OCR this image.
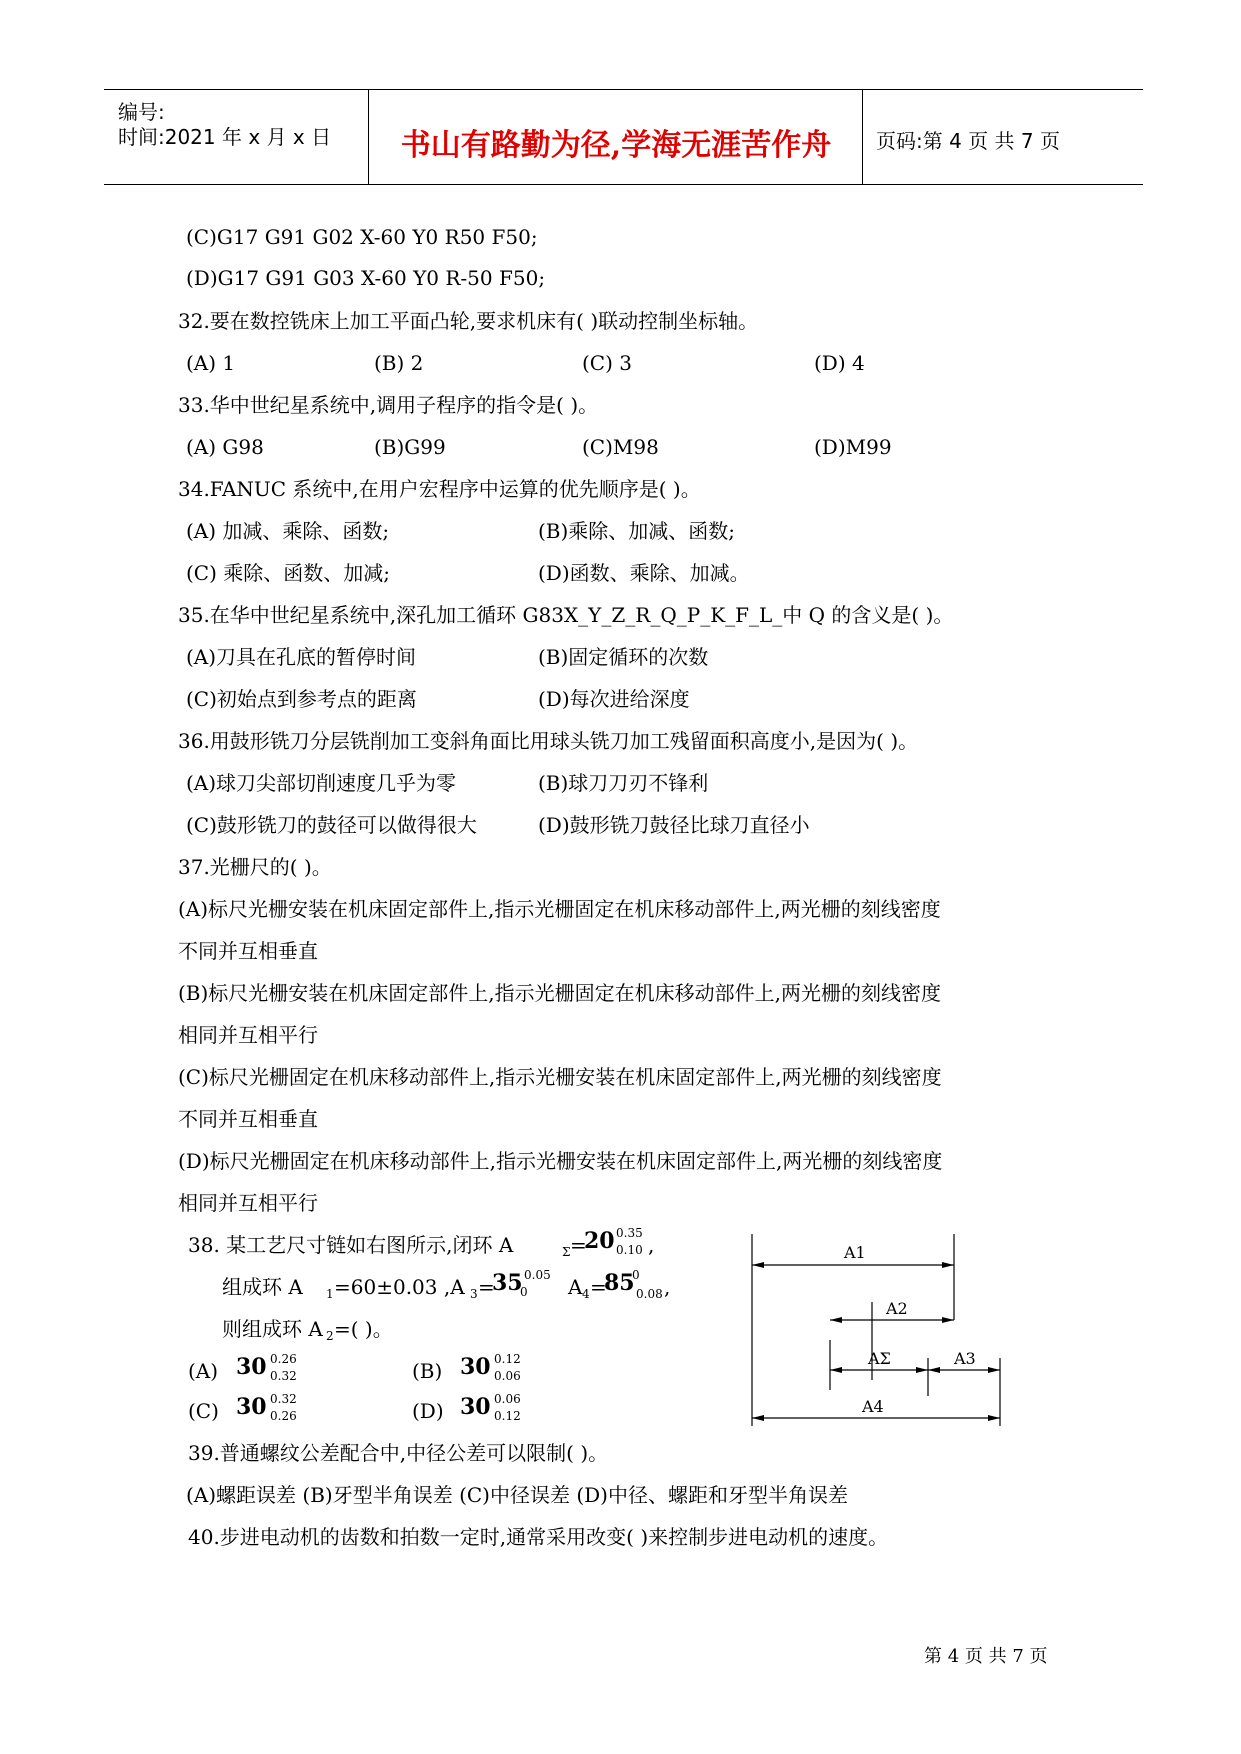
编号:
时间:2021 年 x 月 x 日	书山有路勤为径,学海无涯苦作舟	页码:第 4 页 共 7 页
(C)G17 G91 G02 X-60 Y0 R50 F50;
(D)G17 G91 G03 X-60 Y0 R-50 F50;
32.要在数控铣床上加工平面凸轮,要求机床有( )联动控制坐标轴。
(A) 1	(B) 2	(C) 3	(D) 4
33.华中世纪星系统中,调用子程序的指令是( )。
(A) G98	(B)G99	(C)M98	(D)M99
34.FANUC 系统中,在用户宏程序中运算的优先顺序是( )。
(A) 加减、乘除、函数;	(B)乘除、加减、函数;
(C) 乘除、函数、加减;	(D)函数、乘除、加减。
35.在华中世纪星系统中,深孔加工循环 G83X_Y_Z_R_Q_P_K_F_L_中 Q 的含义是( )。
(A)刀具在孔底的暂停时间	(B)固定循环的次数
(C)初始点到参考点的距离	(D)每次进给深度
36.用鼓形铣刀分层铣削加工变斜角面比用球头铣刀加工残留面积高度小,是因为( )。
(A)球刀尖部切削速度几乎为零	(B)球刀刀刃不锋利
(C)鼓形铣刀的鼓径可以做得很大	(D)鼓形铣刀鼓径比球刀直径小
37.光栅尺的( )。
(A)标尺光栅安装在机床固定部件上,指示光栅固定在机床移动部件上,两光栅的刻线密度
不同并互相垂直
(B)标尺光栅安装在机床固定部件上,指示光栅固定在机床移动部件上,两光栅的刻线密度
相同并互相平行
(C)标尺光栅固定在机床移动部件上,指示光栅安装在机床固定部件上,两光栅的刻线密度
不同并互相垂直
(D)标尺光栅固定在机床移动部件上,指示光栅安装在机床固定部件上,两光栅的刻线密度
相同并互相平行
38. 某工艺尺寸链如右图所示,闭环 A	Σ =
20 0.35
0.10 ,
组成环 A 1 =60±0.03 ,A 3 =
35
0
0.05 A 4 =
85
0
0.08 ,
则组成环 A 2 =( )。
(A) 30 0.26
0.32	(B) 30 0.12
0.06
(C) 30 0.32
0.26	(D) 30 0.06
0.12
A1
A2
AΣ	A3
A4
39.普通螺纹公差配合中,中径公差可以限制( )。
(A)螺距误差 (B)牙型半角误差 (C)中径误差 (D)中径、螺距和牙型半角误差
40.步进电动机的齿数和拍数一定时,通常采用改变( )来控制步进电动机的速度。
第 4 页 共 7 页
